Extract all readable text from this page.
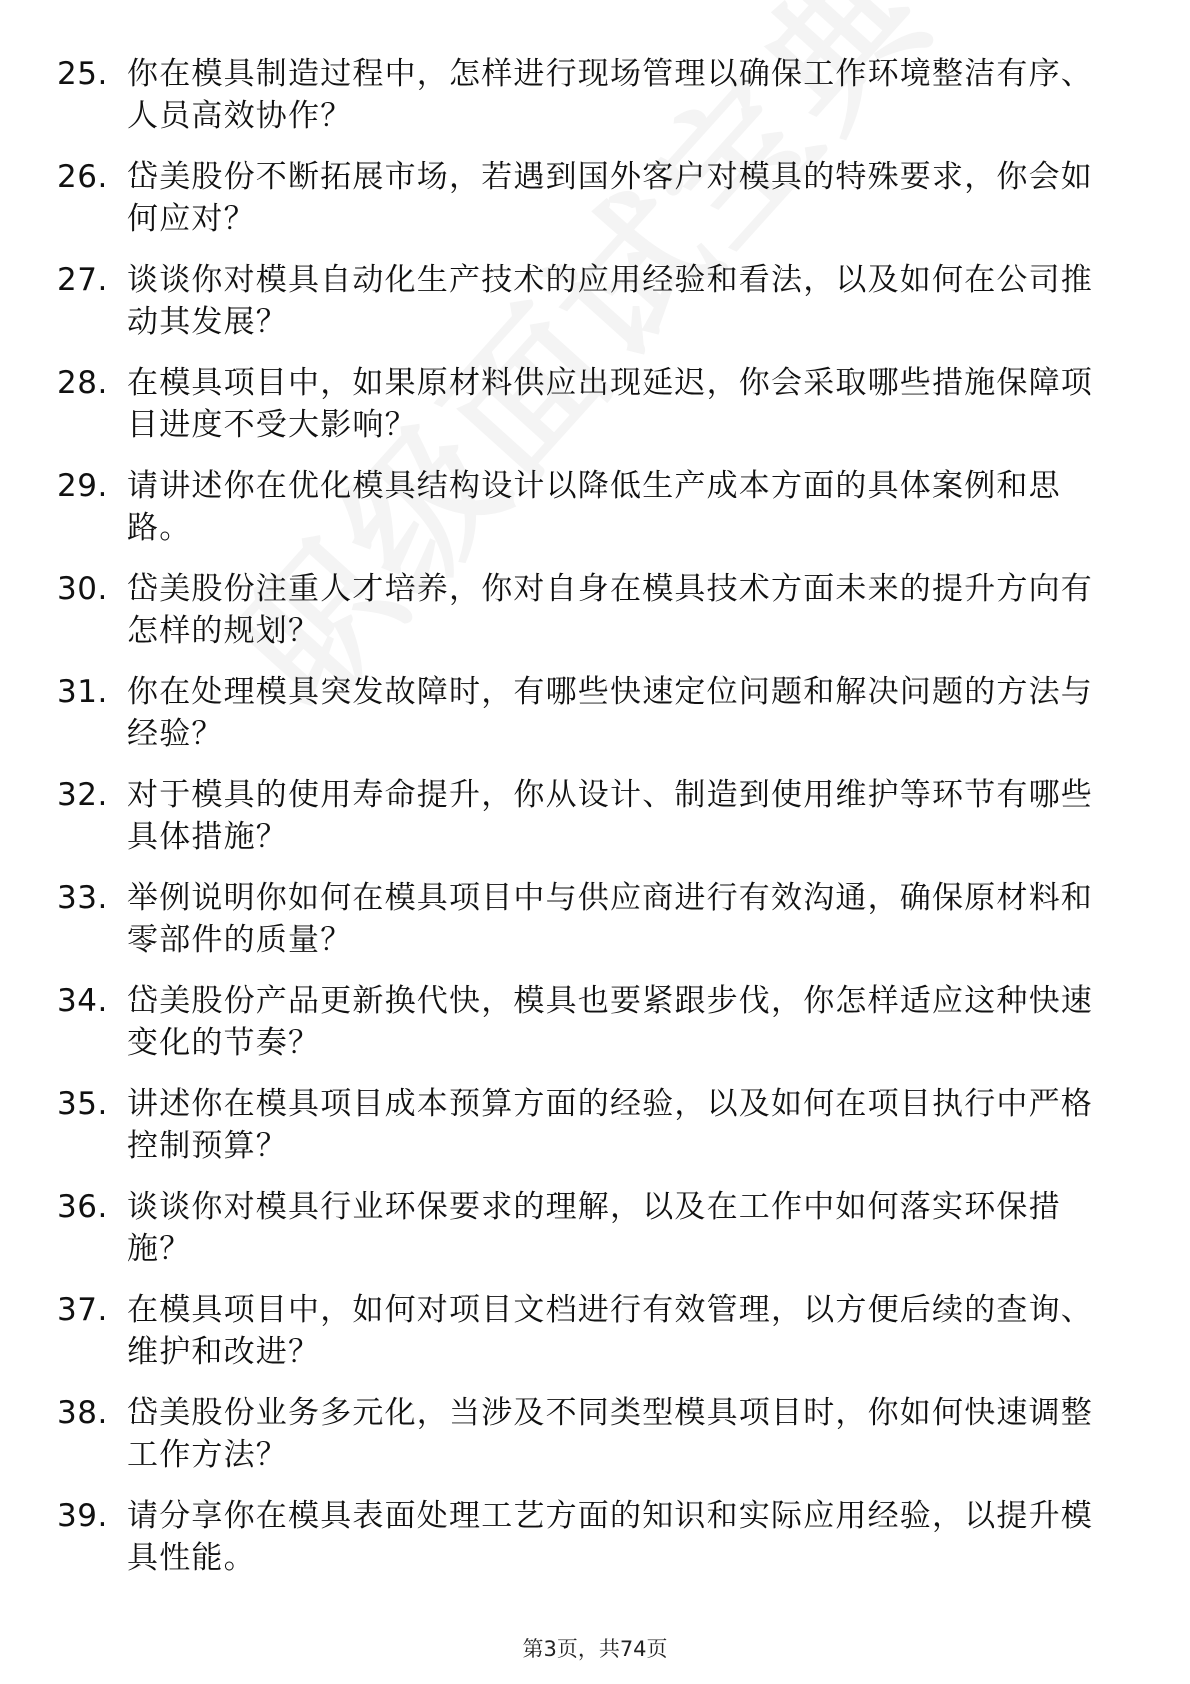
25. 你在模具制造过程中，怎样进行现场管理以确保工作环境整洁有序、人员高效协作？
26. 岱美股份不断拓展市场，若遇到国外客户对模具的特殊要求，你会如何应对？
27. 谈谈你对模具自动化生产技术的应用经验和看法，以及如何在公司推动其发展？
28. 在模具项目中，如果原材料供应出现延迟，你会采取哪些措施保障项目进度不受大影响？
29. 请讲述你在优化模具结构设计以降低生产成本方面的具体案例和思路。
30. 岱美股份注重人才培养，你对自身在模具技术方面未来的提升方向有怎样的规划？
31. 你在处理模具突发故障时，有哪些快速定位问题和解决问题的方法与经验？
32. 对于模具的使用寿命提升，你从设计、制造到使用维护等环节有哪些具体措施？
33. 举例说明你如何在模具项目中与供应商进行有效沟通，确保原材料和零部件的质量？
34. 岱美股份产品更新换代快，模具也要紧跟步伐，你怎样适应这种快速变化的节奏？
35. 讲述你在模具项目成本预算方面的经验，以及如何在项目执行中严格控制预算？
36. 谈谈你对模具行业环保要求的理解，以及在工作中如何落实环保措施？
37. 在模具项目中，如何对项目文档进行有效管理，以方便后续的查询、维护和改进？
38. 岱美股份业务多元化，当涉及不同类型模具项目时，你如何快速调整工作方法？
39. 请分享你在模具表面处理工艺方面的知识和实际应用经验，以提升模具性能。
第3页，共74页
